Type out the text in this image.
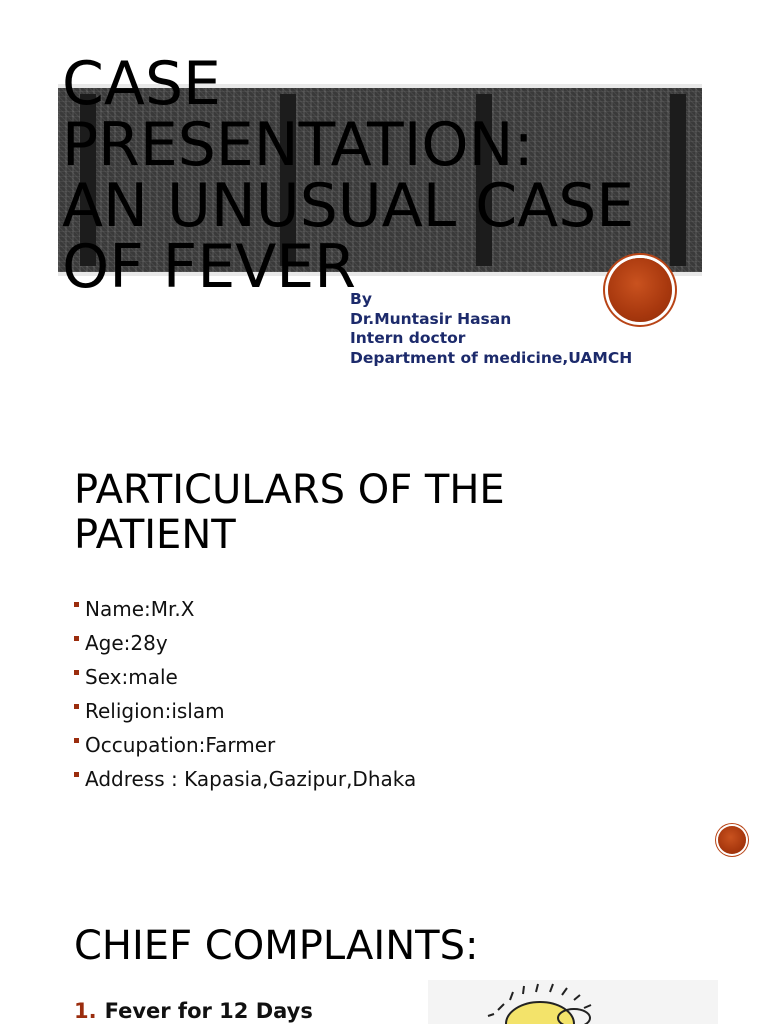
CASE
PRESENTATION:
AN UNUSUAL CASE
OF FEVER
By
Dr.Muntasir Hasan
Intern doctor
Department of medicine,UAMCH
PARTICULARS OF THE
PATIENT
Name:Mr.X
Age:28y
Sex:male
Religion:islam
Occupation:Farmer
Address : Kapasia,Gazipur,Dhaka
CHIEF COMPLAINTS:
1. Fever for 12 Days
